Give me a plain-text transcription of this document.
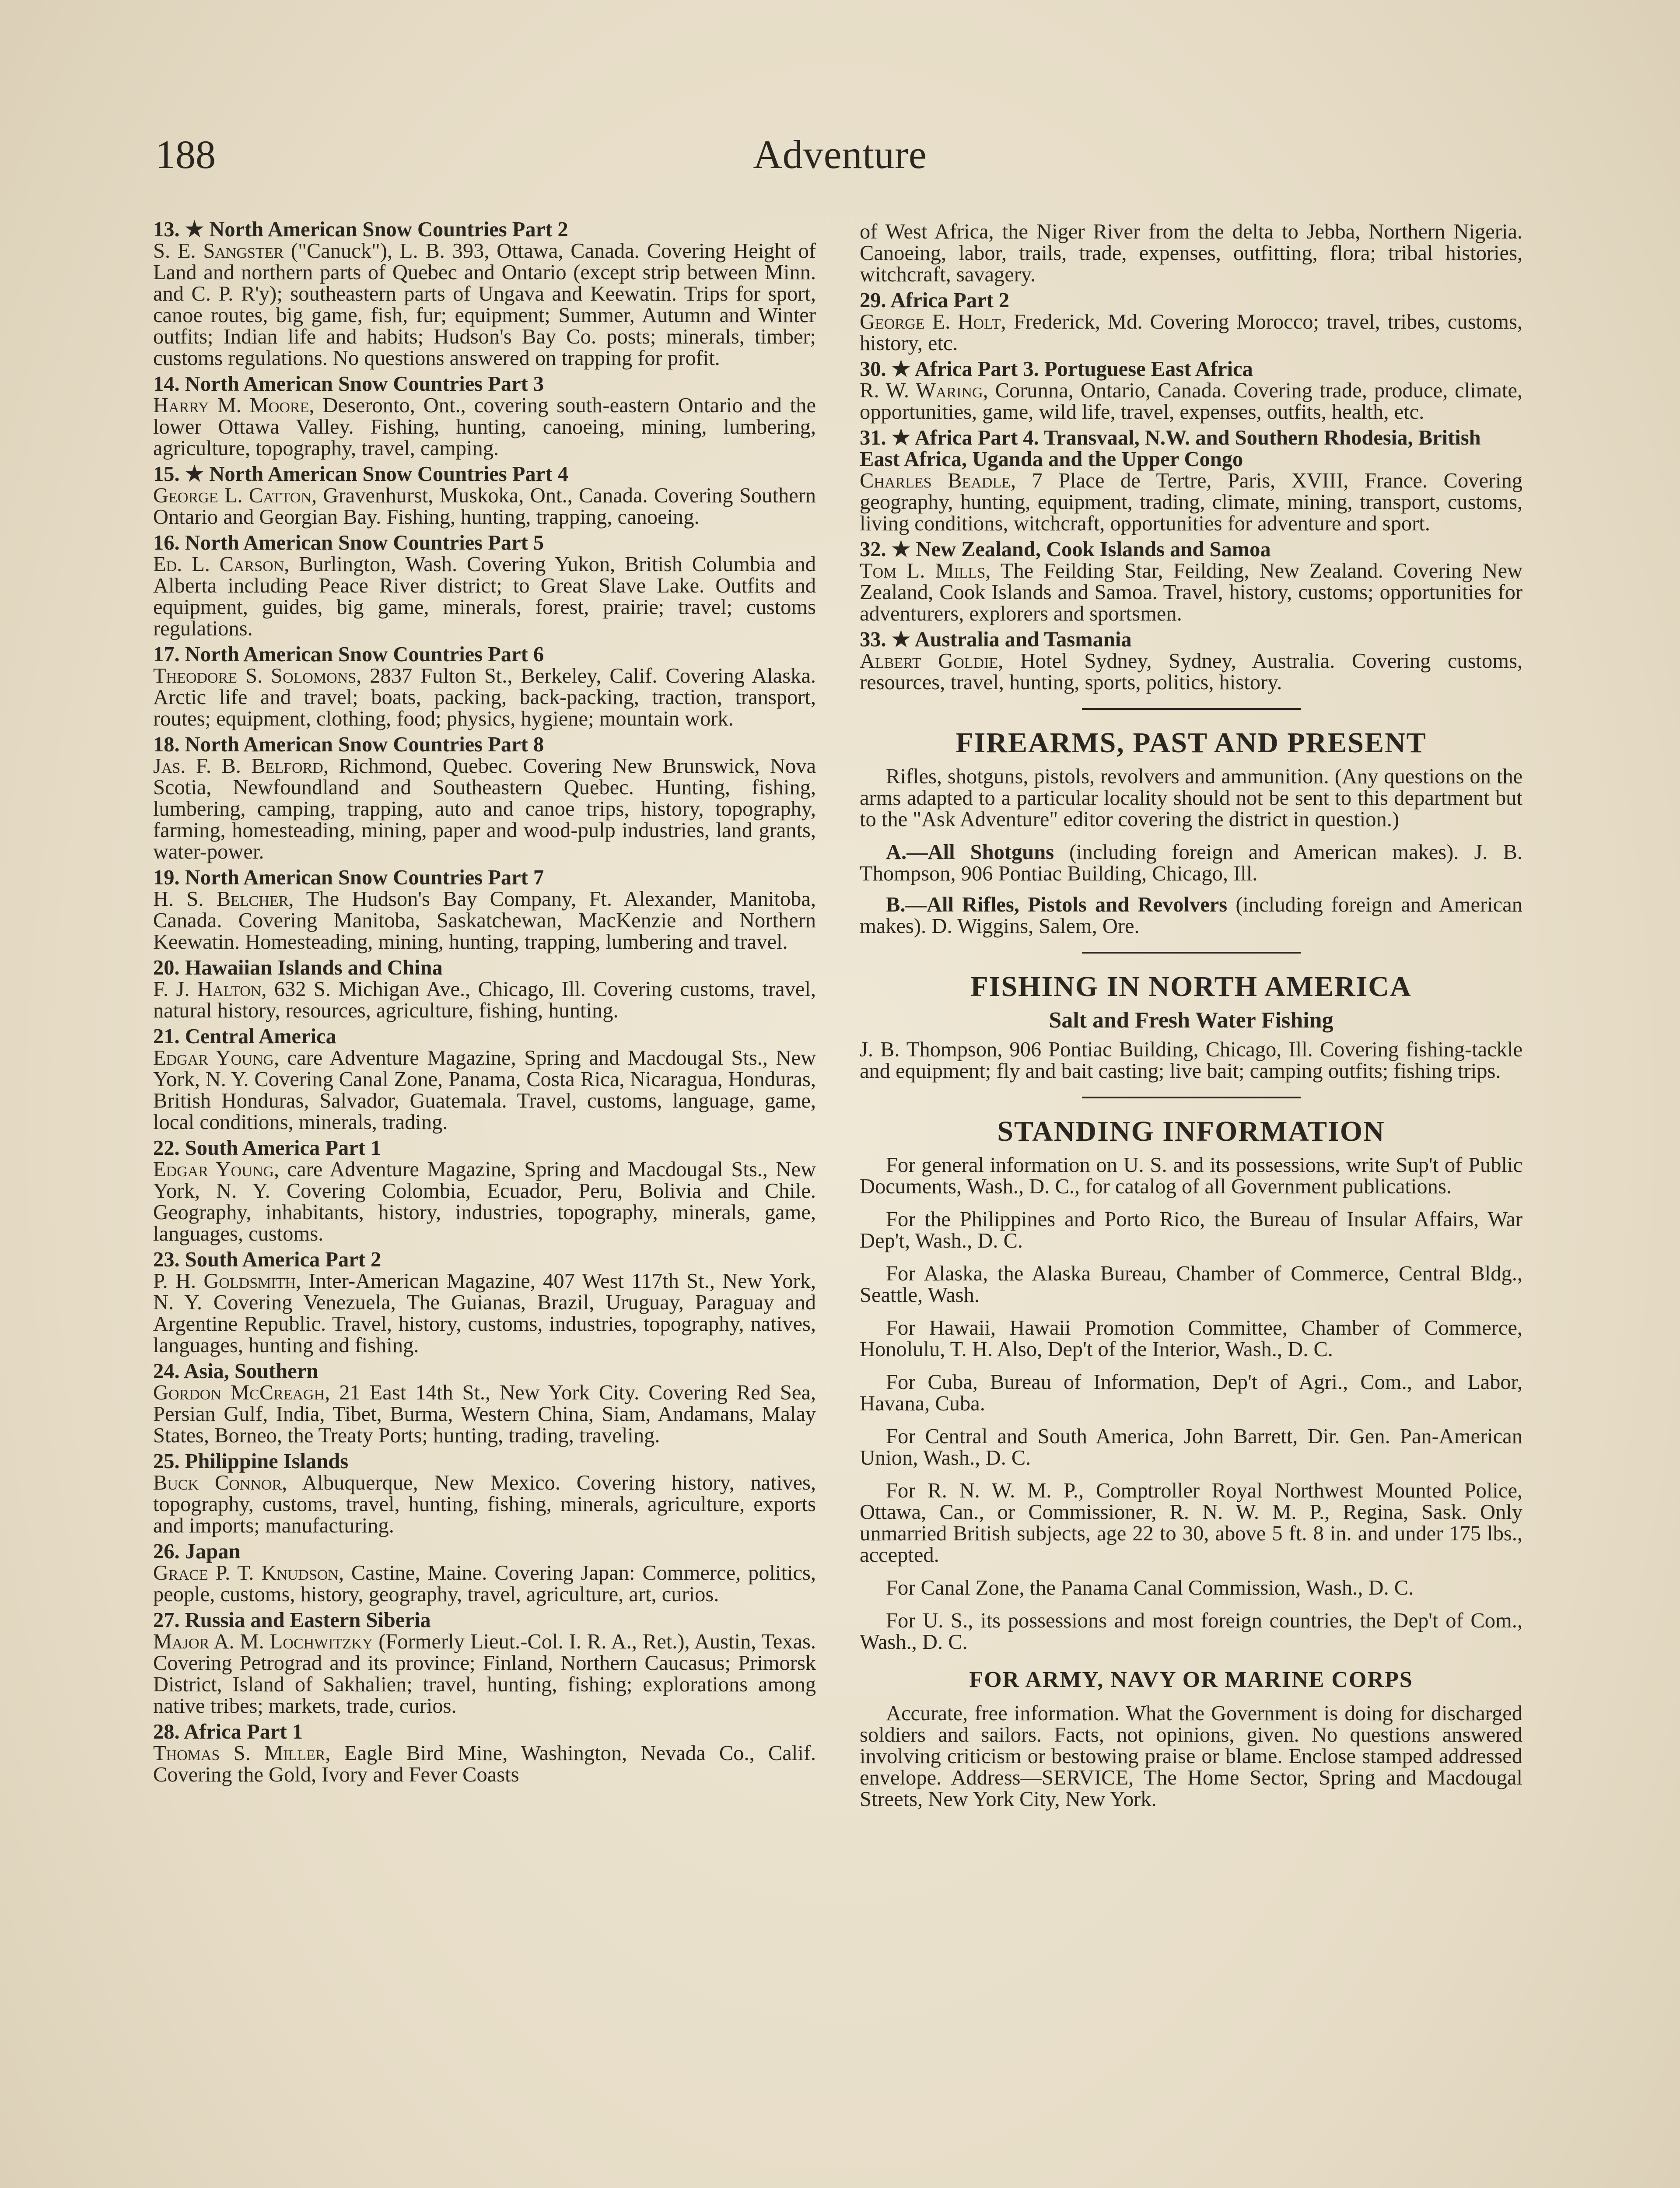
188	Adventure
13. ★ North American Snow Countries Part 2
S. E. Sangster ("Canuck"), L. B. 393, Ottawa, Canada. Covering Height of Land and northern parts of Quebec and Ontario (except strip between Minn. and C. P. R'y); southeastern parts of Ungava and Keewatin. Trips for sport, canoe routes, big game, fish, fur; equipment; Summer, Autumn and Winter outfits; Indian life and habits; Hudson's Bay Co. posts; minerals, timber; customs regulations. No questions answered on trapping for profit.
14. North American Snow Countries Part 3
Harry M. Moore, Deseronto, Ont., covering south-eastern Ontario and the lower Ottawa Valley. Fishing, hunting, canoeing, mining, lumbering, agriculture, topography, travel, camping.
15. ★ North American Snow Countries Part 4
George L. Catton, Gravenhurst, Muskoka, Ont., Canada. Covering Southern Ontario and Georgian Bay. Fishing, hunting, trapping, canoeing.
16. North American Snow Countries Part 5
Ed. L. Carson, Burlington, Wash. Covering Yukon, British Columbia and Alberta including Peace River district; to Great Slave Lake. Outfits and equipment, guides, big game, minerals, forest, prairie; travel; customs regulations.
17. North American Snow Countries Part 6
Theodore S. Solomons, 2837 Fulton St., Berkeley, Calif. Covering Alaska. Arctic life and travel; boats, packing, back-packing, traction, transport, routes; equipment, clothing, food; physics, hygiene; mountain work.
18. North American Snow Countries Part 8
Jas. F. B. Belford, Richmond, Quebec. Covering New Brunswick, Nova Scotia, Newfoundland and Southeastern Quebec. Hunting, fishing, lumbering, camping, trapping, auto and canoe trips, history, topography, farming, homesteading, mining, paper and wood-pulp industries, land grants, water-power.
19. North American Snow Countries Part 7
H. S. Belcher, The Hudson's Bay Company, Ft. Alexander, Manitoba, Canada. Covering Manitoba, Saskatchewan, MacKenzie and Northern Keewatin. Homesteading, mining, hunting, trapping, lumbering and travel.
20. Hawaiian Islands and China
F. J. Halton, 632 S. Michigan Ave., Chicago, Ill. Covering customs, travel, natural history, resources, agriculture, fishing, hunting.
21. Central America
Edgar Young, care Adventure Magazine, Spring and Macdougal Sts., New York, N. Y. Covering Canal Zone, Panama, Costa Rica, Nicaragua, Honduras, British Honduras, Salvador, Guatemala. Travel, customs, language, game, local conditions, minerals, trading.
22. South America Part 1
Edgar Young, care Adventure Magazine, Spring and Macdougal Sts., New York, N. Y. Covering Colombia, Ecuador, Peru, Bolivia and Chile. Geography, inhabitants, history, industries, topography, minerals, game, languages, customs.
23. South America Part 2
P. H. Goldsmith, Inter-American Magazine, 407 West 117th St., New York, N. Y. Covering Venezuela, The Guianas, Brazil, Uruguay, Paraguay and Argentine Republic. Travel, history, customs, industries, topography, natives, languages, hunting and fishing.
24. Asia, Southern
Gordon McCreagh, 21 East 14th St., New York City. Covering Red Sea, Persian Gulf, India, Tibet, Burma, Western China, Siam, Andamans, Malay States, Borneo, the Treaty Ports; hunting, trading, traveling.
25. Philippine Islands
Buck Connor, Albuquerque, New Mexico. Covering history, natives, topography, customs, travel, hunting, fishing, minerals, agriculture, exports and imports; manufacturing.
26. Japan
Grace P. T. Knudson, Castine, Maine. Covering Japan: Commerce, politics, people, customs, history, geography, travel, agriculture, art, curios.
27. Russia and Eastern Siberia
Major A. M. Lochwitzky (Formerly Lieut.-Col. I. R. A., Ret.), Austin, Texas. Covering Petrograd and its province; Finland, Northern Caucasus; Primorsk District, Island of Sakhalien; travel, hunting, fishing; explorations among native tribes; markets, trade, curios.
28. Africa Part 1
Thomas S. Miller, Eagle Bird Mine, Washington, Nevada Co., Calif. Covering the Gold, Ivory and Fever Coasts
of West Africa, the Niger River from the delta to Jebba, Northern Nigeria. Canoeing, labor, trails, trade, expenses, outfitting, flora; tribal histories, witchcraft, savagery.
29. Africa Part 2
George E. Holt, Frederick, Md. Covering Morocco; travel, tribes, customs, history, etc.
30. ★ Africa Part 3. Portuguese East Africa
R. W. Waring, Corunna, Ontario, Canada. Covering trade, produce, climate, opportunities, game, wild life, travel, expenses, outfits, health, etc.
31. ★ Africa Part 4. Transvaal, N.W. and Southern Rhodesia, British East Africa, Uganda and the Upper Congo
Charles Beadle, 7 Place de Tertre, Paris, XVIII, France. Covering geography, hunting, equipment, trading, climate, mining, transport, customs, living conditions, witchcraft, opportunities for adventure and sport.
32. ★ New Zealand, Cook Islands and Samoa
Tom L. Mills, The Feilding Star, Feilding, New Zealand. Covering New Zealand, Cook Islands and Samoa. Travel, history, customs; opportunities for adventurers, explorers and sportsmen.
33. ★ Australia and Tasmania
Albert Goldie, Hotel Sydney, Sydney, Australia. Covering customs, resources, travel, hunting, sports, politics, history.
FIREARMS, PAST AND PRESENT
Rifles, shotguns, pistols, revolvers and ammunition. (Any questions on the arms adapted to a particular locality should not be sent to this department but to the "Ask Adventure" editor covering the district in question.)
A.—All Shotguns (including foreign and American makes). J. B. Thompson, 906 Pontiac Building, Chicago, Ill.
B.—All Rifles, Pistols and Revolvers (including foreign and American makes). D. Wiggins, Salem, Ore.
FISHING IN NORTH AMERICA
Salt and Fresh Water Fishing
J. B. Thompson, 906 Pontiac Building, Chicago, Ill. Covering fishing-tackle and equipment; fly and bait casting; live bait; camping outfits; fishing trips.
STANDING INFORMATION
For general information on U. S. and its possessions, write Sup't of Public Documents, Wash., D. C., for catalog of all Government publications.
For the Philippines and Porto Rico, the Bureau of Insular Affairs, War Dep't, Wash., D. C.
For Alaska, the Alaska Bureau, Chamber of Commerce, Central Bldg., Seattle, Wash.
For Hawaii, Hawaii Promotion Committee, Chamber of Commerce, Honolulu, T. H. Also, Dep't of the Interior, Wash., D. C.
For Cuba, Bureau of Information, Dep't of Agri., Com., and Labor, Havana, Cuba.
For Central and South America, John Barrett, Dir. Gen. Pan-American Union, Wash., D. C.
For R. N. W. M. P., Comptroller Royal Northwest Mounted Police, Ottawa, Can., or Commissioner, R. N. W. M. P., Regina, Sask. Only unmarried British subjects, age 22 to 30, above 5 ft. 8 in. and under 175 lbs., accepted.
For Canal Zone, the Panama Canal Commission, Wash., D. C.
For U. S., its possessions and most foreign countries, the Dep't of Com., Wash., D. C.
FOR ARMY, NAVY OR MARINE CORPS
Accurate, free information. What the Government is doing for discharged soldiers and sailors. Facts, not opinions, given. No questions answered involving criticism or bestowing praise or blame. Enclose stamped addressed envelope. Address—SERVICE, The Home Sector, Spring and Macdougal Streets, New York City, New York.
